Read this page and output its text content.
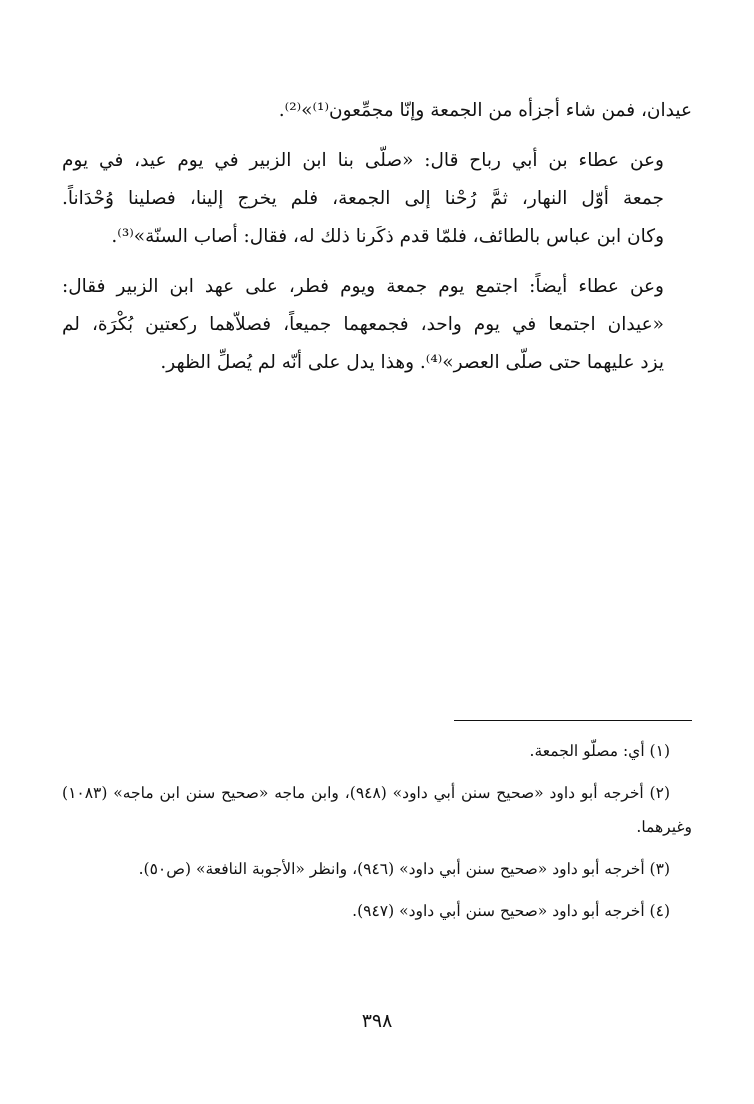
عيدان، فمن شاء أجزأه من الجمعة وإنّا مجمِّعون⁽¹⁾»⁽²⁾.

وعن عطاء بن أبي رباح قال: «صلّى بنا ابن الزبير في يوم عيد، في يوم
جمعة أوّل النهار، ثمَّ رُحْنا إلى الجمعة، فلم يخرج إلينا، فصلينا وُحْدَاناً.
وكان ابن عباس بالطائف، فلمّا قدم ذكَرنا ذلك له، فقال: أصاب السنّة»⁽³⁾.

وعن عطاء أيضاً: اجتمع يوم جمعة ويوم فطر، على عهد ابن الزبير فقال:
«عيدان اجتمعا في يوم واحد، فجمعهما جميعاً، فصلاّهما ركعتين بُكْرَة، لم
يزد عليهما حتى صلّى العصر»⁽⁴⁾. وهذا يدل على أنّه لم يُصلِّ الظهر.

(١) أي: مصلّو الجمعة.

(٢) أخرجه أبو داود «صحيح سنن أبي داود» (٩٤٨)، وابن ماجه «صحيح سنن ابن ماجه» (١٠٨٣) وغيرهما.

(٣) أخرجه أبو داود «صحيح سنن أبي داود» (٩٤٦)، وانظر «الأجوبة النافعة» (ص٥٠).

(٤) أخرجه أبو داود «صحيح سنن أبي داود» (٩٤٧).

٣٩٨
